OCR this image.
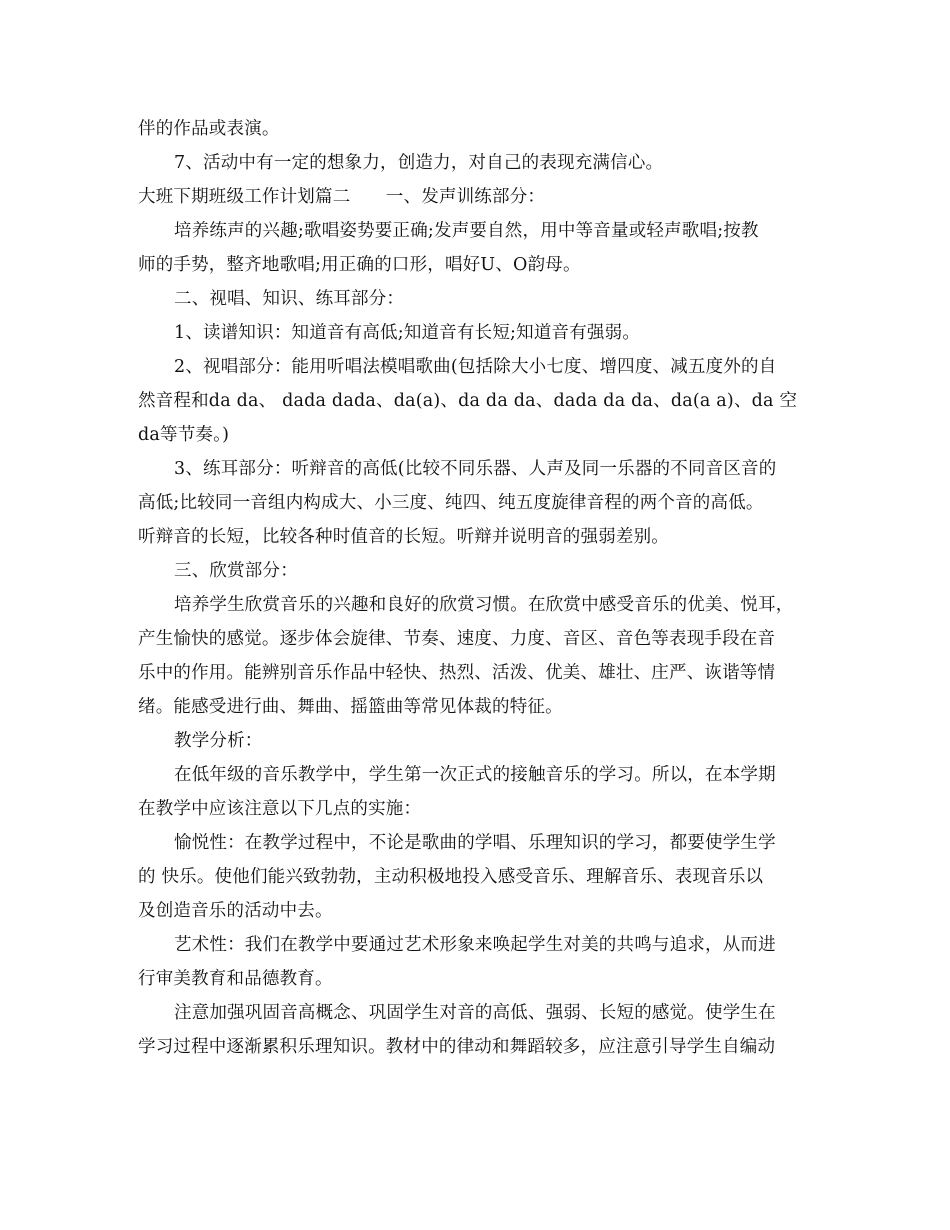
伴的作品或表演。
7、活动中有一定的想象力，创造力，对自己的表现充满信心。
大班下期班级工作计划篇二　　一、发声训练部分：
培养练声的兴趣;歌唱姿势要正确;发声要自然，用中等音量或轻声歌唱;按教
师的手势，整齐地歌唱;用正确的口形，唱好U、O韵母。
二、视唱、知识、练耳部分：
1、读谱知识：知道音有高低;知道音有长短;知道音有强弱。
2、视唱部分：能用听唱法模唱歌曲(包括除大小七度、增四度、减五度外的自
然音程和da da、 dada dada、da(a)、da da da、dada da da、da(a a)、da 空
da等节奏。)
3、练耳部分：听辩音的高低(比较不同乐器、人声及同一乐器的不同音区音的
高低;比较同一音组内构成大、小三度、纯四、纯五度旋律音程的两个音的高低。
听辩音的长短，比较各种时值音的长短。听辩并说明音的强弱差别。
三、欣赏部分：
培养学生欣赏音乐的兴趣和良好的欣赏习惯。在欣赏中感受音乐的优美、悦耳，
产生愉快的感觉。逐步体会旋律、节奏、速度、力度、音区、音色等表现手段在音
乐中的作用。能辨别音乐作品中轻快、热烈、活泼、优美、雄壮、庄严、诙谐等情
绪。能感受进行曲、舞曲、摇篮曲等常见体裁的特征。
教学分析：
在低年级的音乐教学中，学生第一次正式的接触音乐的学习。所以，在本学期
在教学中应该注意以下几点的实施：
愉悦性：在教学过程中，不论是歌曲的学唱、乐理知识的学习，都要使学生学
的 快乐。使他们能兴致勃勃，主动积极地投入感受音乐、理解音乐、表现音乐以
及创造音乐的活动中去。
艺术性：我们在教学中要通过艺术形象来唤起学生对美的共鸣与追求，从而进
行审美教育和品德教育。
注意加强巩固音高概念、巩固学生对音的高低、强弱、长短的感觉。使学生在
学习过程中逐渐累积乐理知识。教材中的律动和舞蹈较多，应注意引导学生自编动
